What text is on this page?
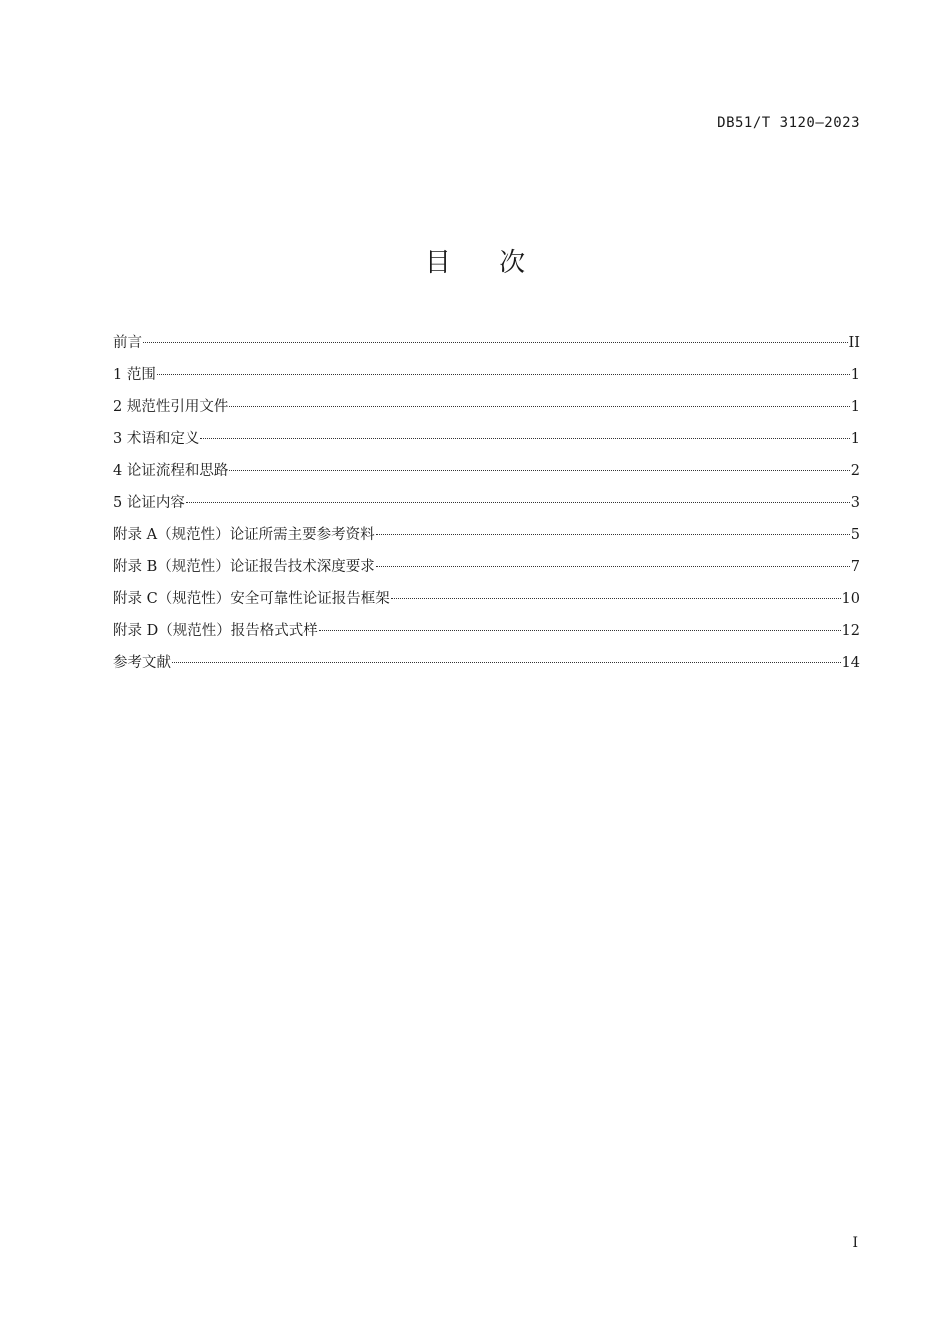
DB51/T 3120—2023
目 次
前言	II
1 范围	1
2 规范性引用文件	1
3 术语和定义	1
4 论证流程和思路	2
5 论证内容	3
附录 A（规范性）论证所需主要参考资料	5
附录 B（规范性）论证报告技术深度要求	7
附录 C（规范性）安全可靠性论证报告框架	10
附录 D（规范性）报告格式式样	12
参考文献	14
I
